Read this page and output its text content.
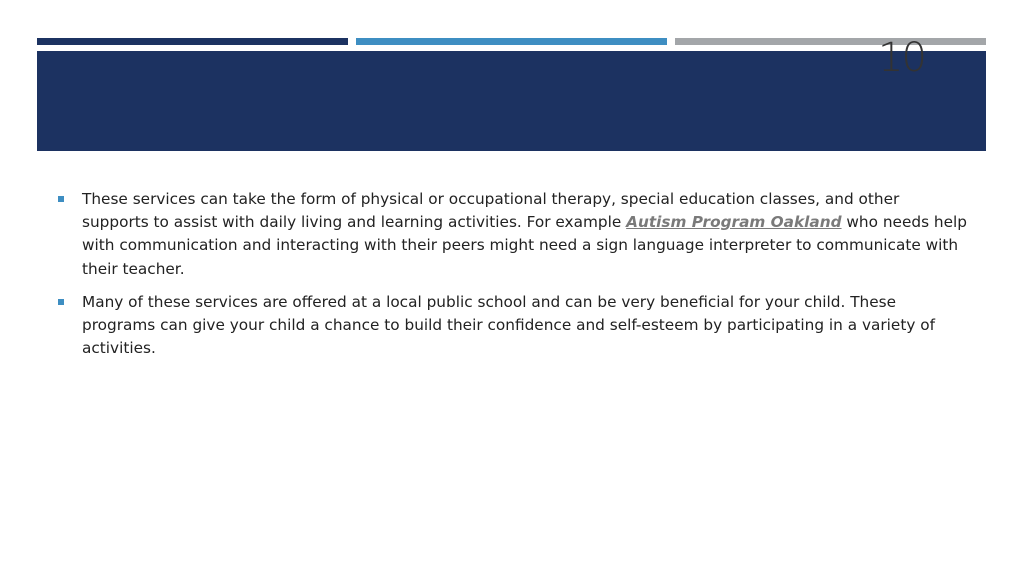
10
These services can take the form of physical or occupational therapy, special education classes, and other supports to assist with daily living and learning activities. For example Autism Program Oakland who needs help with communication and interacting with their peers might need a sign language interpreter to communicate with their teacher.
Many of these services are offered at a local public school and can be very beneficial for your child. These programs can give your child a chance to build their confidence and self-esteem by participating in a variety of activities.
